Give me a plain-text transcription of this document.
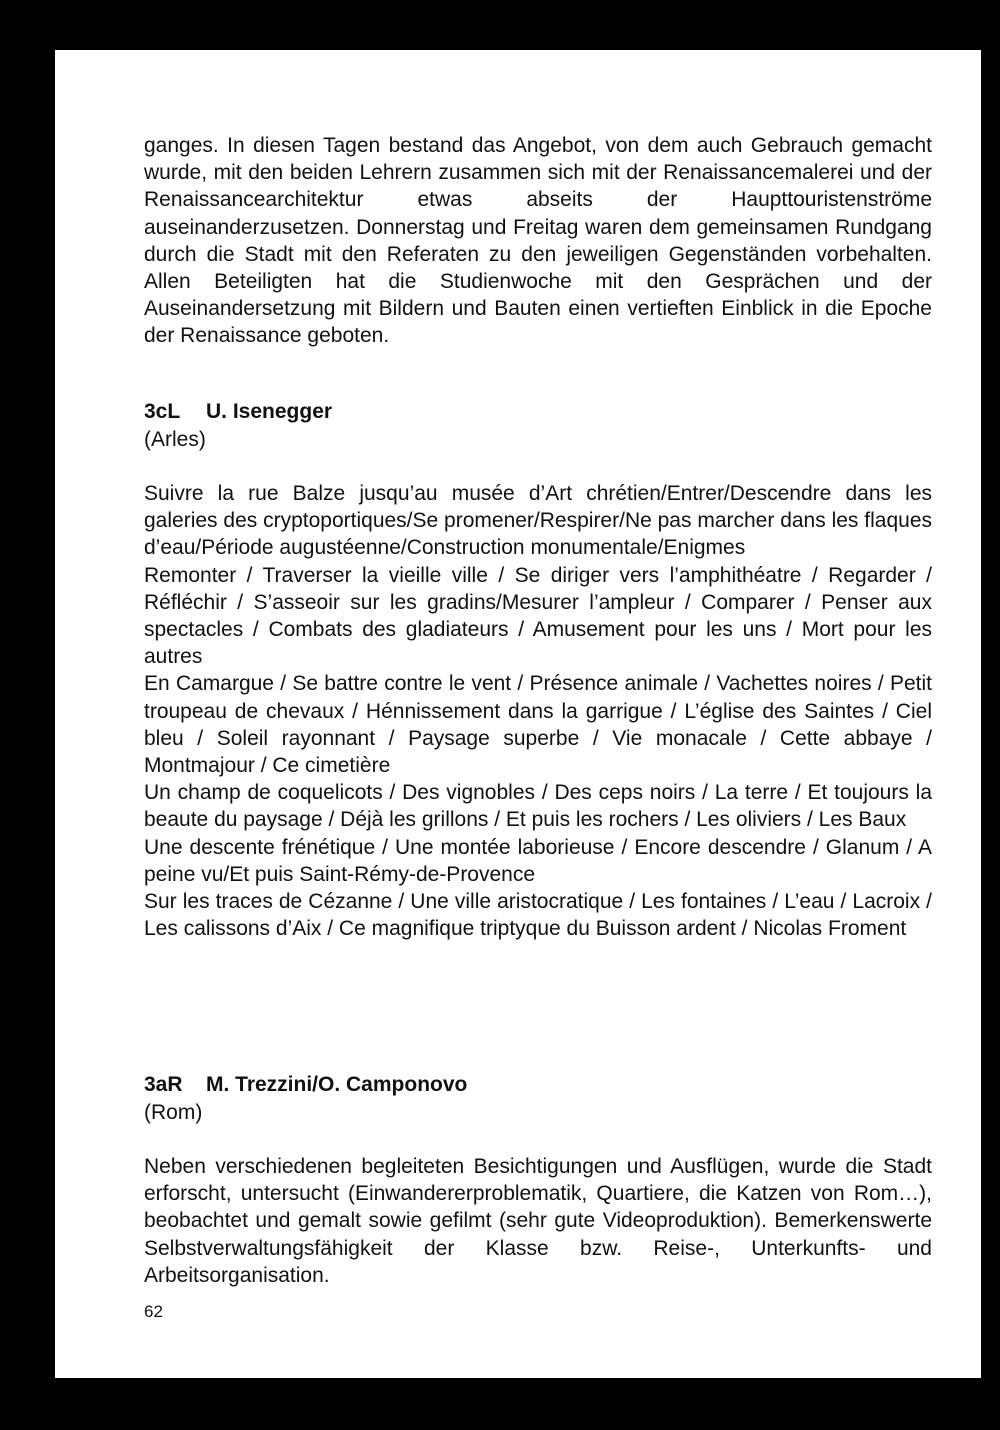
ganges. In diesen Tagen bestand das Angebot, von dem auch Gebrauch gemacht wurde, mit den beiden Lehrern zusammen sich mit der Renaissancemalerei und der Renaissancearchitektur etwas abseits der Haupttouristenströme auseinanderzusetzen. Donnerstag und Freitag waren dem gemeinsamen Rundgang durch die Stadt mit den Referaten zu den jeweiligen Gegenständen vorbehalten. Allen Beteiligten hat die Studienwoche mit den Gesprächen und der Auseinandersetzung mit Bildern und Bauten einen vertieften Einblick in die Epoche der Renaissance geboten.

3cL U. Isenegger
(Arles)

Suivre la rue Balze jusqu’au musée d’Art chrétien/Entrer/Descendre dans les galeries des cryptoportiques/Se promener/Respirer/Ne pas marcher dans les flaques d’eau/Période augustéenne/Construction monumentale/Enigmes

Remonter / Traverser la vieille ville / Se diriger vers l’amphithéatre / Regarder / Réfléchir / S’asseoir sur les gradins/Mesurer l’ampleur / Comparer / Penser aux spectacles / Combats des gladiateurs / Amusement pour les uns / Mort pour les autres

En Camargue / Se battre contre le vent / Présence animale / Vachettes noires / Petit troupeau de chevaux / Hénnissement dans la garrigue / L’église des Saintes / Ciel bleu / Soleil rayonnant / Paysage superbe / Vie monacale / Cette abbaye / Montmajour / Ce cimetière

Un champ de coquelicots / Des vignobles / Des ceps noirs / La terre / Et toujours la beaute du paysage / Déjà les grillons / Et puis les rochers / Les oliviers / Les Baux

Une descente frénétique / Une montée laborieuse / Encore descendre / Glanum / A peine vu/Et puis Saint-Rémy-de-Provence

Sur les traces de Cézanne / Une ville aristocratique / Les fontaines / L’eau / Lacroix / Les calissons d’Aix / Ce magnifique triptyque du Buisson ardent / Nicolas Froment

3aR M. Trezzini/O. Camponovo
(Rom)

Neben verschiedenen begleiteten Besichtigungen und Ausflügen, wurde die Stadt erforscht, untersucht (Einwandererproblematik, Quartiere, die Katzen von Rom…), beobachtet und gemalt sowie gefilmt (sehr gute Videoproduktion). Bemerkenswerte Selbstverwaltungsfähigkeit der Klasse bzw. Reise-, Unterkunfts- und Arbeitsorganisation.

62
